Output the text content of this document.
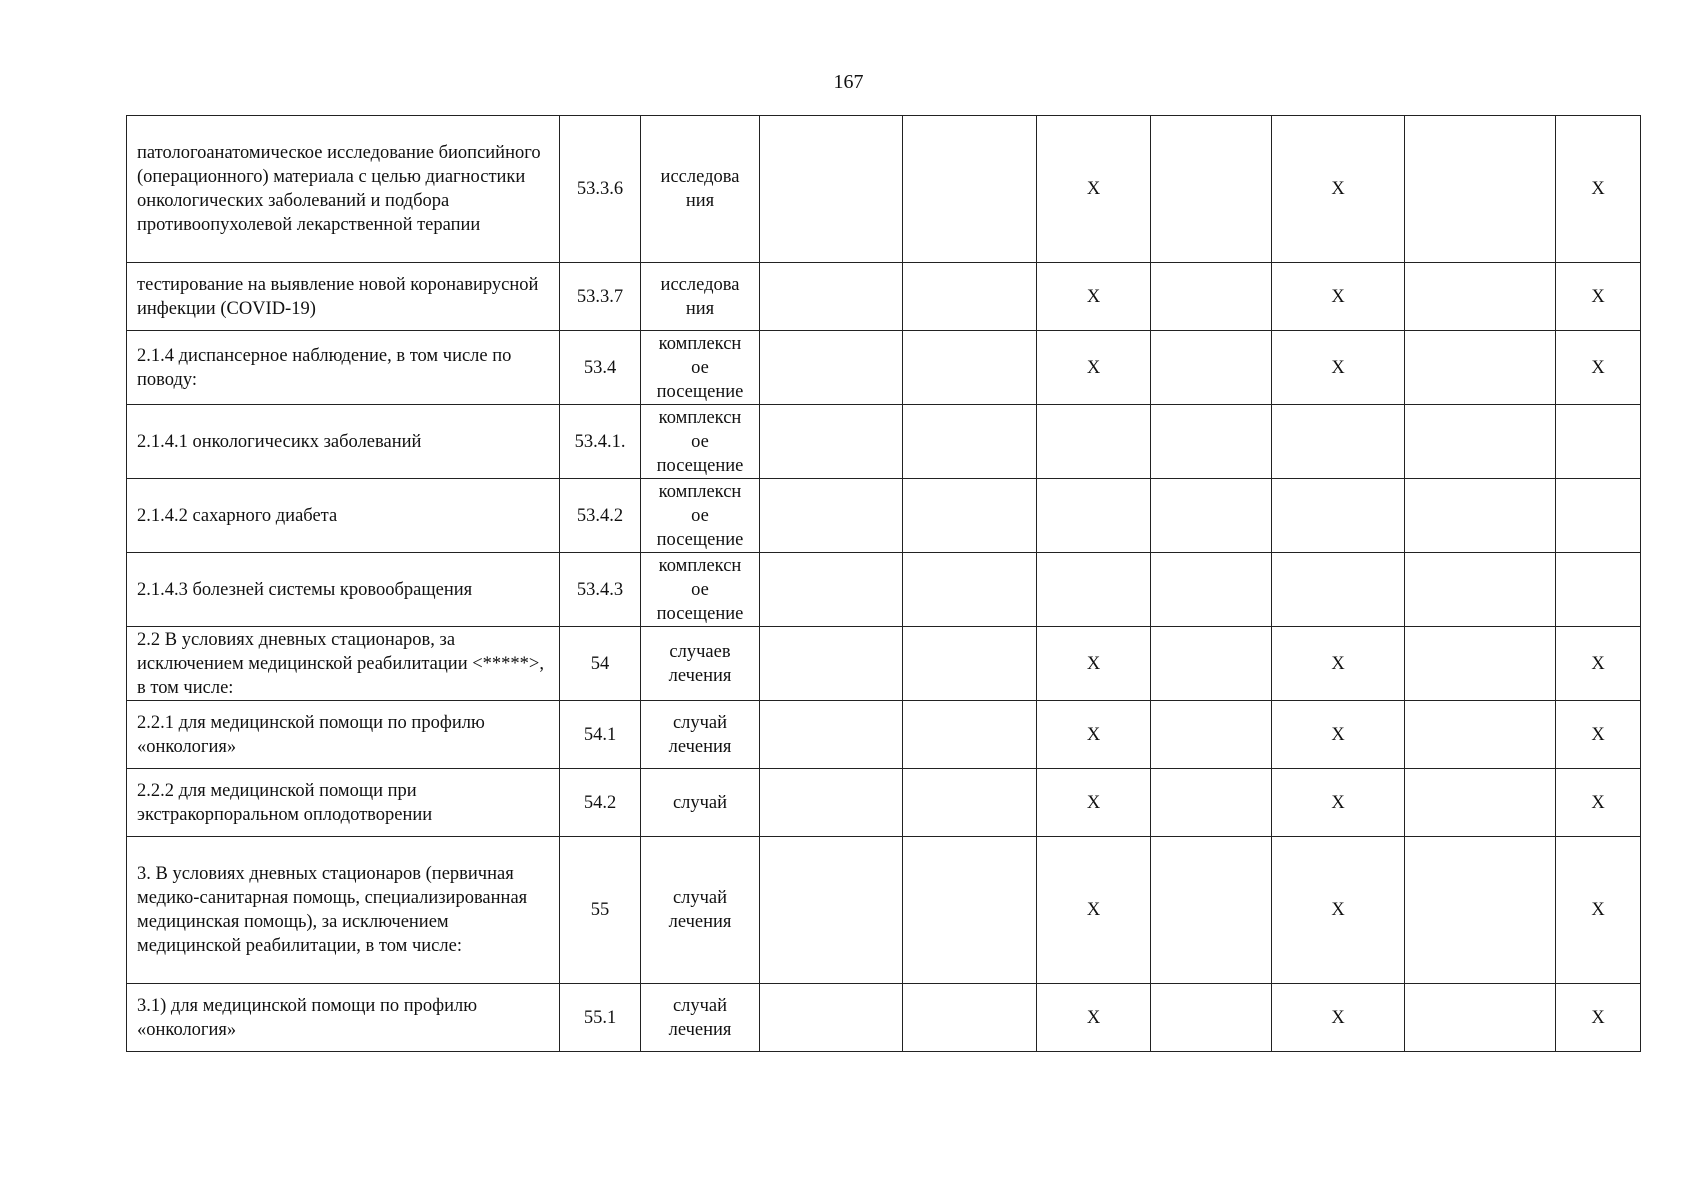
167
патологоанатомическое исследование биопсийного (операционного) материала с целью диагностики онкологических заболеваний и подбора противоопухолевой лекарственной терапии	53.3.6	исследова ния			X		X		X
тестирование на выявление новой коронавирусной инфекции (COVID-19)	53.3.7	исследова ния			X		X		X
2.1.4 диспансерное наблюдение, в том числе по поводу:	53.4	комплексн ое посещение			X		X		X
2.1.4.1 онкологичесикх заболеваний	53.4.1.	комплексн ое посещение							
2.1.4.2 сахарного диабета	53.4.2	комплексн ое посещение							
2.1.4.3 болезней системы кровообращения	53.4.3	комплексн ое посещение							
2.2 В условиях дневных стационаров, за исключением медицинской реабилитации <*****>, в том числе:	54	случаев лечения			X		X		X
2.2.1 для медицинской помощи по профилю «онкология»	54.1	случай лечения			X		X		X
2.2.2 для медицинской помощи при экстракорпоральном оплодотворении	54.2	случай			X		X		X
3. В условиях дневных стационаров (первичная медико-санитарная помощь, специализированная медицинская помощь), за исключением медицинской реабилитации, в том числе:	55	случай лечения			X		X		X
3.1) для медицинской помощи по профилю «онкология»	55.1	случай лечения			X		X		X
